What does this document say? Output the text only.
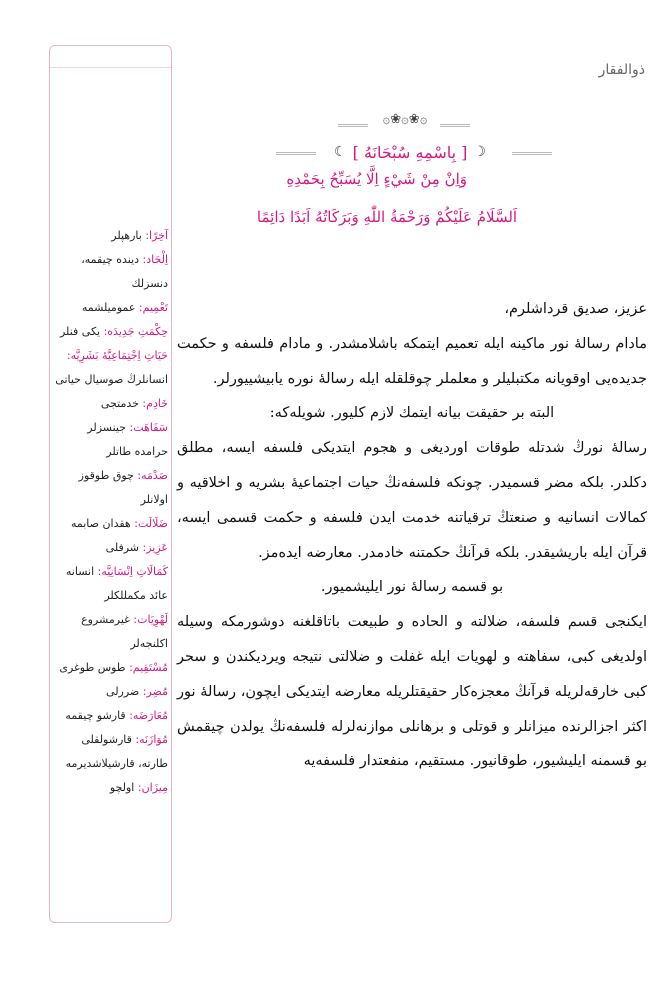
ذوالفقار
آخِرًا: بارهپلر
اِلْحَاد: دينده چيقمه، دنسزلك
تَعْمِيم: عموميلشمه
حِكْمَتِ جَدِيدَه: يكى فنلر
حَيَاتِ اِجْتِمَاعِيَّهٔ بَشَرِيَّه: انسانلرڭ صوسيال حياتى
خَادِم: خدمتجى
سَفَاهَت: جينسزلر حرامده طاتلر
صَدْمَه: چوق طوقوز اولانلر
ضَلَالَت: هقدان صابمه
عَزِيز: شرفلى
كَمَالَاتِ اِنْسَانِيَّه: انسانه عائد مكمللكلر
لَهْوِيَات: غيرمشروع اكلنجه‌لر
مُسْتَقِيم: طوس طوغرى
مُضِر: ضررلى
مُعَارَضَه: قارشو چيقمه
مُوَازَنَه: قارشولقلى طارته، قارشيلاشديرمه
مِيزَان: اولچو
۞❀۞❀۞
☾ [ بِاسْمِهِ سُبْحَانَهُ ] ☽
وَاِنْ مِنْ شَيْءٍ اِلَّا يُسَبِّحُ بِحَمْدِهِ
اَلسَّلَامُ عَلَيْكُمْ وَرَحْمَةُ اللّٰهِ وَبَرَكَاتُهُ اَبَدًا دَائِمًا

عزيز، صديق قرداشلرم،

مادام رسالهٔ نور ماكينه ايله تعميم ايتمكه باشلامشدر. و مادام فلسفه و حكمت جديده‌يى اوقويانه مكتبليلر و معلملر چوقلقله ايله رسالهٔ نوره يابيشييورلر.

البته بر حقيقت بيانه ايتمك لازم كليور. شويله‌كه:

رسالهٔ نورڭ شدتله طوقات اوردیغی و هجوم ايتديكى فلسفه ايسه، مطلق دكلدر. بلكه مضر قسميدر. چونكه فلسفه‌نڭ حيات اجتماعيهٔ بشريه و اخلاقيه و كمالات انسانيه و صنعتڭ ترقياتنه خدمت ايدن فلسفه و حكمت قسمى ايسه، قرآن ايله باريشيقدر. بلكه قرآنڭ حكمتنه خادمدر. معارضه ايده‌مز.

بو قسمه رسالهٔ نور ايليشميور.

ايكنجى قسم فلسفه، ضلالته و الحاده و طبيعت باتاقلغنه دوشورمكه وسيله اولدیغی كبی، سفاهته و لهويات ايله غفلت و ضلالتى نتيجه ويرديكندن و سحر كبى خارقه‌لريله قرآنڭ معجزه‌كار حقيقتلريله معارضه ايتديكى ايچون، رسالهٔ نور اكثر اجزالرنده ميزانلر و قوتلى و برهانلى موازنه‌لرله فلسفه‌نڭ يولدن چيقمش بو قسمنه ايليشيور، طوقانيور. مستقيم، منفعتدار فلسفه‌يه
